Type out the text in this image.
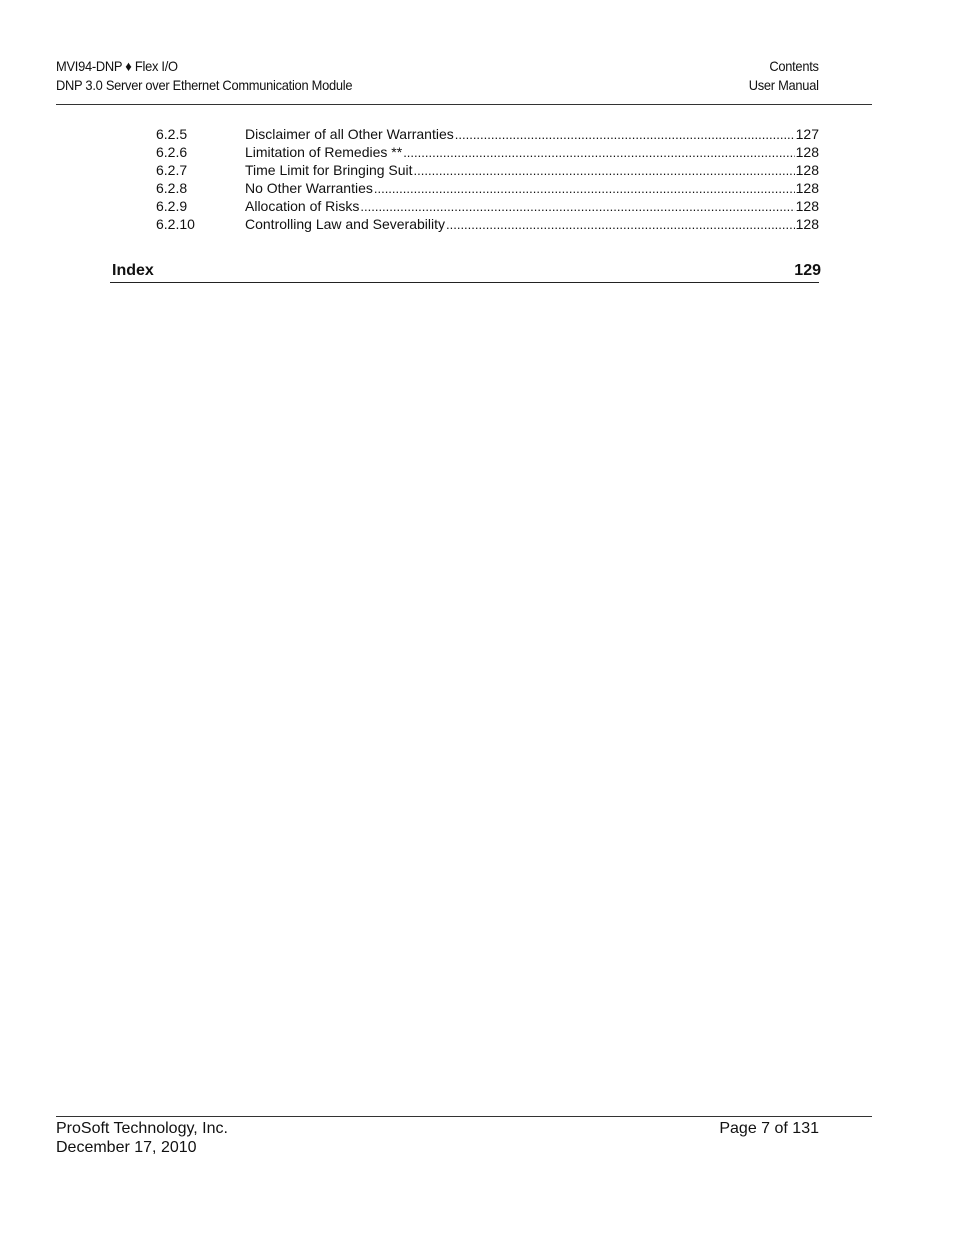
MVI94-DNP ♦ Flex I/O	Contents
DNP 3.0 Server over Ethernet Communication Module	User Manual
6.2.5	Disclaimer of all Other Warranties .....	127
6.2.6	Limitation of Remedies ** .....	128
6.2.7	Time Limit for Bringing Suit .....	128
6.2.8	No Other Warranties .....	128
6.2.9	Allocation of Risks .....	128
6.2.10	Controlling Law and Severability .....	128
Index	129
ProSoft Technology, Inc.	Page 7 of 131
December 17, 2010
